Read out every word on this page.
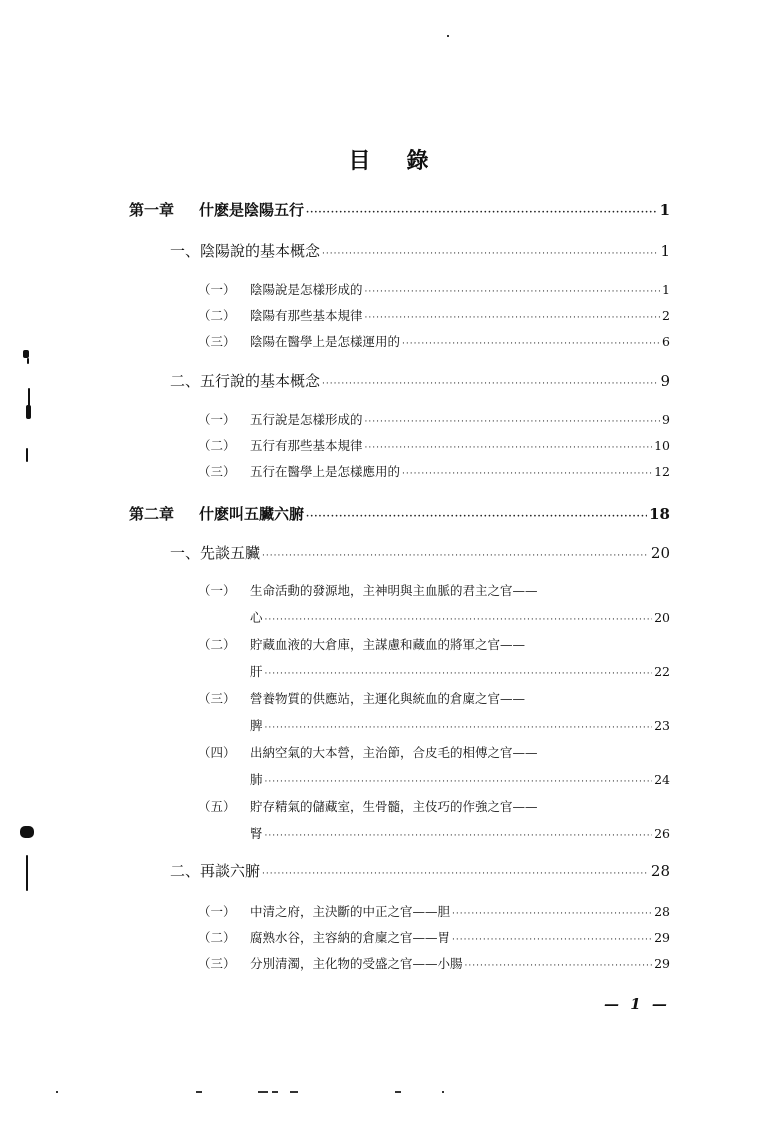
目錄
第一章 什麽是陰陽五行 ·····	1
一、陰陽說的基本概念 ·····	1
（一） 陰陽說是怎樣形成的 ·····	1
（二） 陰陽有那些基本規律 ·····	2
（三） 陰陽在醫學上是怎樣運用的 ·····	6
二、五行說的基本概念 ·····	9
（一） 五行說是怎樣形成的 ·····	9
（二） 五行有那些基本規律 ·····	10
（三） 五行在醫學上是怎樣應用的 ·····	12
第二章 什麽叫五臟六腑 ·····	18
一、先談五臟 ·····	20
（一） 生命活動的發源地，主神明與主血脈的君主之官——
心 ·····	20
（二） 貯藏血液的大倉庫，主謀慮和藏血的將軍之官——
肝 ·····	22
（三） 營養物質的供應站，主運化與統血的倉廩之官——
脾 ·····	23
（四） 出納空氣的大本營，主治節，合皮毛的相傅之官——
肺 ·····	24
（五） 貯存精氣的儲藏室，生骨髓，主伎巧的作強之官——
腎 ·····	26
二、再談六腑 ·····	28
（一） 中清之府，主決斷的中正之官——胆 ·····	28
（二） 腐熟水谷，主容納的倉廩之官——胃 ·····	29
（三） 分別清濁，主化物的受盛之官——小腸 ·····	29
— 1 —
